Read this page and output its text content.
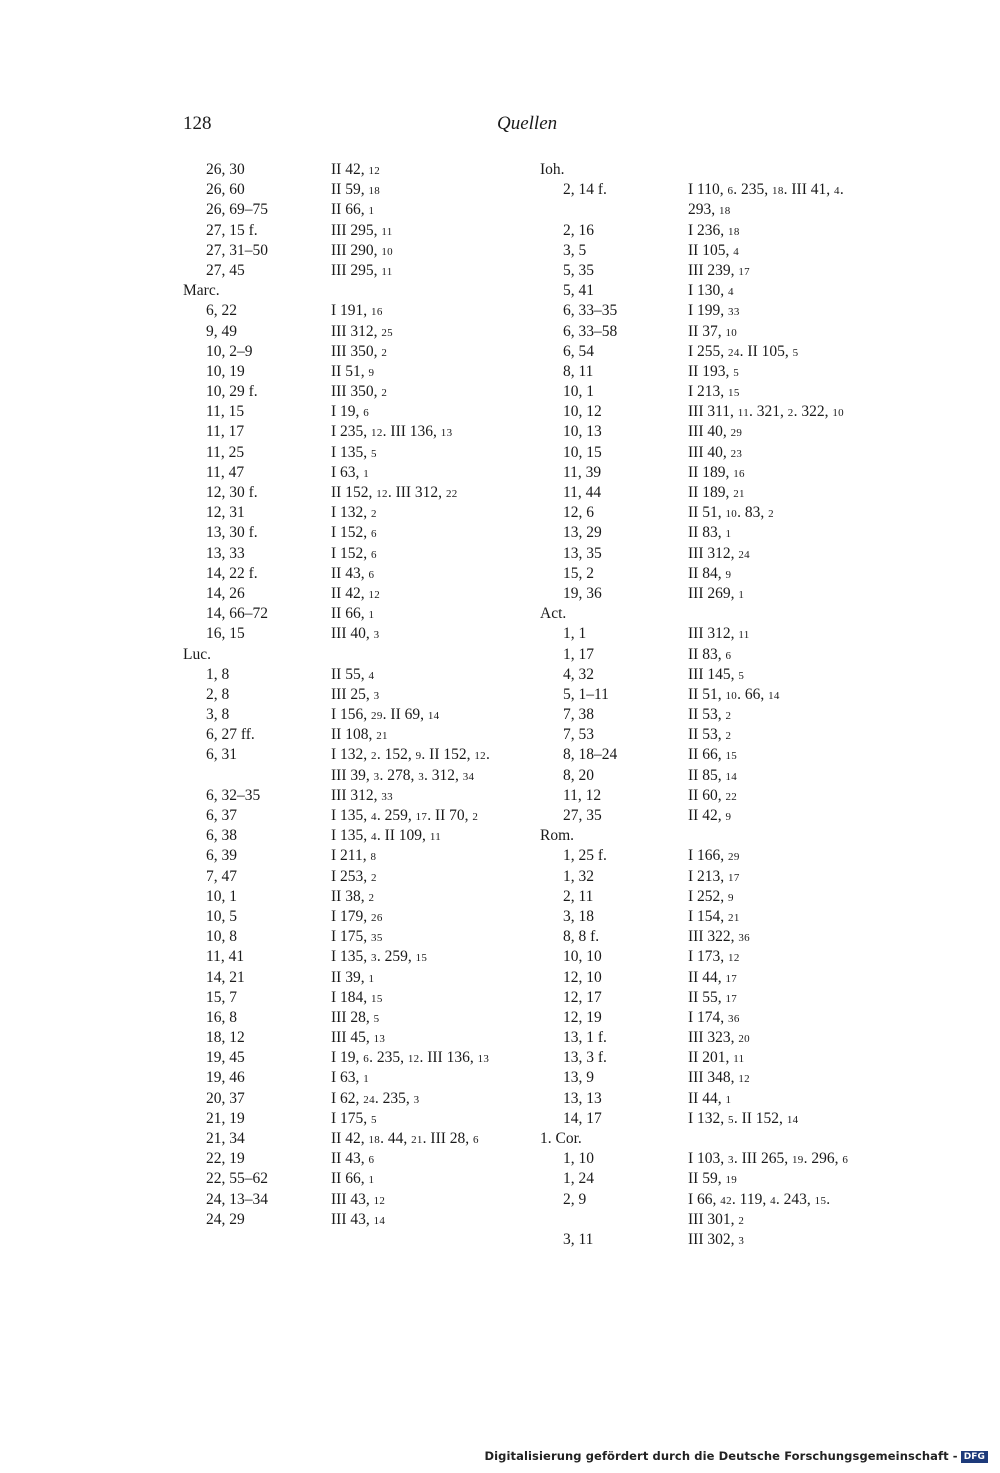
128	Quellen
26, 30	II 42, 12
26, 60	II 59, 18
26, 69–75	II 66, 1
27, 15 f.	III 295, 11
27, 31–50	III 290, 10
27, 45	III 295, 11
Marc.
6, 22	I 191, 16
9, 49	III 312, 25
10, 2–9	III 350, 2
10, 19	II 51, 9
10, 29 f.	III 350, 2
11, 15	I 19, 6
11, 17	I 235, 12. III 136, 13
11, 25	I 135, 5
11, 47	I 63, 1
12, 30 f.	II 152, 12. III 312, 22
12, 31	I 132, 2
13, 30 f.	I 152, 6
13, 33	I 152, 6
14, 22 f.	II 43, 6
14, 26	II 42, 12
14, 66–72	II 66, 1
16, 15	III 40, 3
Luc.
1, 8	II 55, 4
2, 8	III 25, 3
3, 8	I 156, 29. II 69, 14
6, 27 ff.	II 108, 21
6, 31	I 132, 2. 152, 9. II 152, 12.
III 39, 3. 278, 3. 312, 34
6, 32–35	III 312, 33
6, 37	I 135, 4. 259, 17. II 70, 2
6, 38	I 135, 4. II 109, 11
6, 39	I 211, 8
7, 47	I 253, 2
10, 1	II 38, 2
10, 5	I 179, 26
10, 8	I 175, 35
11, 41	I 135, 3. 259, 15
14, 21	II 39, 1
15, 7	I 184, 15
16, 8	III 28, 5
18, 12	III 45, 13
19, 45	I 19, 6. 235, 12. III 136, 13
19, 46	I 63, 1
20, 37	I 62, 24. 235, 3
21, 19	I 175, 5
21, 34	II 42, 18. 44, 21. III 28, 6
22, 19	II 43, 6
22, 55–62	II 66, 1
24, 13–34	III 43, 12
24, 29	III 43, 14
Ioh.
2, 14 f.	I 110, 6. 235, 18. III 41, 4.
293, 18
2, 16	I 236, 18
3, 5	II 105, 4
5, 35	III 239, 17
5, 41	I 130, 4
6, 33–35	I 199, 33
6, 33–58	II 37, 10
6, 54	I 255, 24. II 105, 5
8, 11	II 193, 5
10, 1	I 213, 15
10, 12	III 311, 11. 321, 2. 322, 10
10, 13	III 40, 29
10, 15	III 40, 23
11, 39	II 189, 16
11, 44	II 189, 21
12, 6	II 51, 10. 83, 2
13, 29	II 83, 1
13, 35	III 312, 24
15, 2	II 84, 9
19, 36	III 269, 1
Act.
1, 1	III 312, 11
1, 17	II 83, 6
4, 32	III 145, 5
5, 1–11	II 51, 10. 66, 14
7, 38	II 53, 2
7, 53	II 53, 2
8, 18–24	II 66, 15
8, 20	II 85, 14
11, 12	II 60, 22
27, 35	II 42, 9
Rom.
1, 25 f.	I 166, 29
1, 32	I 213, 17
2, 11	I 252, 9
3, 18	I 154, 21
8, 8 f.	III 322, 36
10, 10	I 173, 12
12, 10	II 44, 17
12, 17	II 55, 17
12, 19	I 174, 36
13, 1 f.	III 323, 20
13, 3 f.	II 201, 11
13, 9	III 348, 12
13, 13	II 44, 1
14, 17	I 132, 5. II 152, 14
1. Cor.
1, 10	I 103, 3. III 265, 19. 296, 6
1, 24	II 59, 19
2, 9	I 66, 42. 119, 4. 243, 15.
III 301, 2
3, 11	III 302, 3
Digitalisierung gefördert durch die Deutsche Forschungsgemeinschaft - DFG
